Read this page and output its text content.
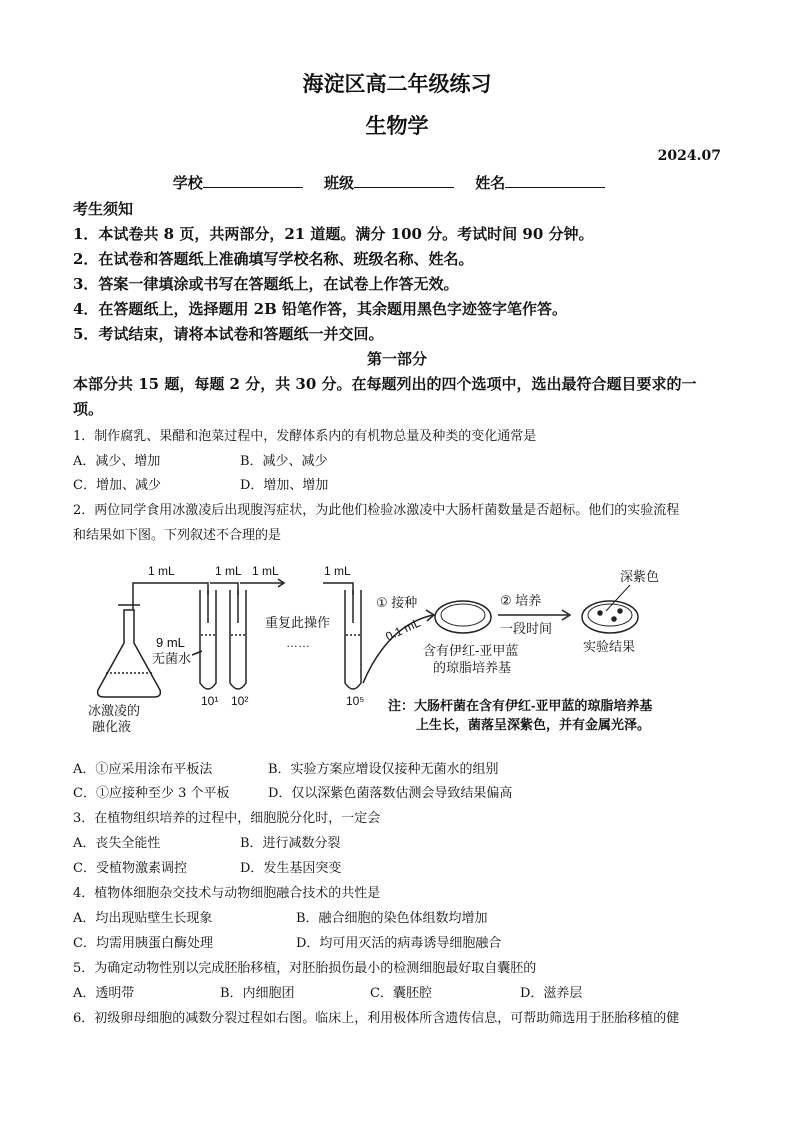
海淀区高二年级练习
生物学
2024.07
学校	班级	姓名
考生须知
1．本试卷共 8 页，共两部分，21 道题。满分 100 分。考试时间 90 分钟。
2．在试卷和答题纸上准确填写学校名称、班级名称、姓名。
3．答案一律填涂或书写在答题纸上，在试卷上作答无效。
4．在答题纸上，选择题用 2B 铅笔作答，其余题用黑色字迹签字笔作答。
5．考试结束，请将本试卷和答题纸一并交回。
第一部分
本部分共 15 题，每题 2 分，共 30 分。在每题列出的四个选项中，选出最符合题目要求的一
项。
1．制作腐乳、果醋和泡菜过程中，发酵体系内的有机物总量及种类的变化通常是
A．减少、增加	B．减少、减少
C．增加、减少	D．增加、增加
2．两位同学食用冰激凌后出现腹泻症状，为此他们检验冰激凌中大肠杆菌数量是否超标。他们的实验流程
和结果如下图。下列叙述不合理的是
1 mL	1 mL 1 mL	1 mL
冰激凌的
融化液
9 mL
无菌水
10¹ 10²	10⁵
重复此操作
……
① 接种
0.1 mL
含有伊红-亚甲蓝
的琼脂培养基
② 培养
一段时间
深紫色
实验结果
注：大肠杆菌在含有伊红-亚甲蓝的琼脂培养基
上生长，菌落呈深紫色，并有金属光泽。
A．①应采用涂布平板法	B．实验方案应增设仅接种无菌水的组别
C．①应接种至少 3 个平板	D．仅以深紫色菌落数估测会导致结果偏高
3．在植物组织培养的过程中，细胞脱分化时，一定会
A．丧失全能性	B．进行减数分裂
C．受植物激素调控	D．发生基因突变
4．植物体细胞杂交技术与动物细胞融合技术的共性是
A．均出现贴壁生长现象	B．融合细胞的染色体组数均增加
C．均需用胰蛋白酶处理	D．均可用灭活的病毒诱导细胞融合
5．为确定动物性别以完成胚胎移植，对胚胎损伤最小的检测细胞最好取自囊胚的
A．透明带	B．内细胞团	C．囊胚腔	D．滋养层
6．初级卵母细胞的减数分裂过程如右图。临床上，利用极体所含遗传信息，可帮助筛选用于胚胎移植的健
